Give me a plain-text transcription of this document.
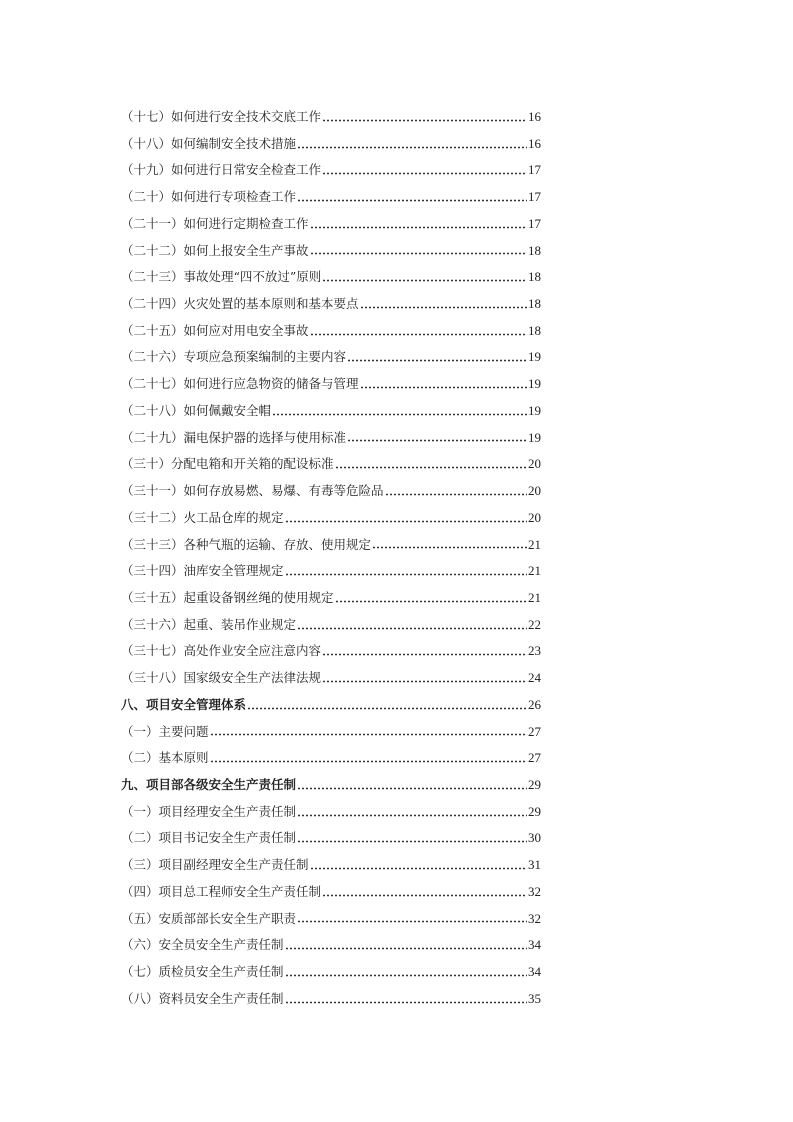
（十七）如何进行安全技术交底工作	16
（十八）如何编制安全技术措施	16
（十九）如何进行日常安全检查工作	17
（二十）如何进行专项检查工作	17
（二十一）如何进行定期检查工作	17
（二十二）如何上报安全生产事故	18
（二十三）事故处理“四不放过”原则	18
（二十四）火灾处置的基本原则和基本要点	18
（二十五）如何应对用电安全事故	18
（二十六）专项应急预案编制的主要内容	19
（二十七）如何进行应急物资的储备与管理	19
（二十八）如何佩戴安全帽	19
（二十九）漏电保护器的选择与使用标准	19
（三十）分配电箱和开关箱的配设标准	20
（三十一）如何存放易燃、易爆、有毒等危险品	20
（三十二）火工品仓库的规定	20
（三十三）各种气瓶的运输、存放、使用规定	21
（三十四）油库安全管理规定	21
（三十五）起重设备钢丝绳的使用规定	21
（三十六）起重、装吊作业规定	22
（三十七）高处作业安全应注意内容	23
（三十八）国家级安全生产法律法规	24
八、项目安全管理体系	26
（一）主要问题	27
（二）基本原则	27
九、项目部各级安全生产责任制	29
（一）项目经理安全生产责任制	29
（二）项目书记安全生产责任制	30
（三）项目副经理安全生产责任制	31
（四）项目总工程师安全生产责任制	32
（五）安质部部长安全生产职责	32
（六）安全员安全生产责任制	34
（七）质检员安全生产责任制	34
（八）资料员安全生产责任制	35
